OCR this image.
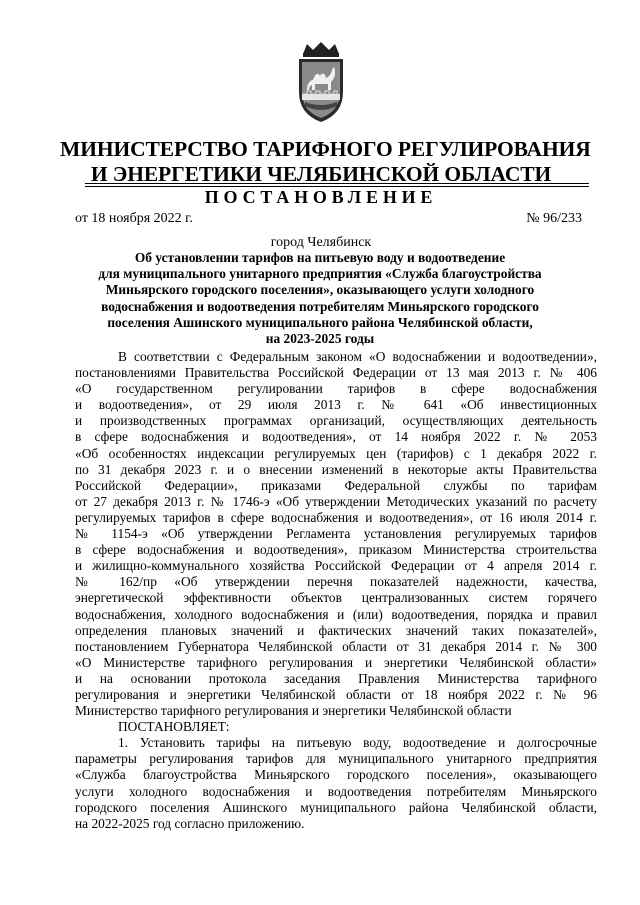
МИНИСТЕРСТВО ТАРИФНОГО РЕГУЛИРОВАНИЯ
И ЭНЕРГЕТИКИ ЧЕЛЯБИНСКОЙ ОБЛАСТИ
ПОСТАНОВЛЕНИЕ
от 18 ноября 2022 г.	№ 96/233
город Челябинск
Об установлении тарифов на питьевую воду и водоотведение
для муниципального унитарного предприятия «Служба благоустройства
Миньярского городского поселения», оказывающего услуги холодного
водоснабжения и водоотведения потребителям Миньярского городского
поселения Ашинского муниципального района Челябинской области,
на 2023-2025 годы
В соответствии с Федеральным законом «О водоснабжении и водоотведении»,
постановлениями Правительства Российской Федерации от 13 мая 2013 г. № 406
«О государственном регулировании тарифов в сфере водоснабжения
и водоотведения», от 29 июля 2013 г. № 641 «Об инвестиционных
и производственных программах организаций, осуществляющих деятельность
в сфере водоснабжения и водоотведения», от 14 ноября 2022 г. № 2053
«Об особенностях индексации регулируемых цен (тарифов) с 1 декабря 2022 г.
по 31 декабря 2023 г. и о внесении изменений в некоторые акты Правительства
Российской Федерации», приказами Федеральной службы по тарифам
от 27 декабря 2013 г. № 1746-э «Об утверждении Методических указаний по расчету
регулируемых тарифов в сфере водоснабжения и водоотведения», от 16 июля 2014 г.
№ 1154-э «Об утверждении Регламента установления регулируемых тарифов
в сфере водоснабжения и водоотведения», приказом Министерства строительства
и жилищно-коммунального хозяйства Российской Федерации от 4 апреля 2014 г.
№ 162/пр «Об утверждении перечня показателей надежности, качества,
энергетической эффективности объектов централизованных систем горячего
водоснабжения, холодного водоснабжения и (или) водоотведения, порядка и правил
определения плановых значений и фактических значений таких показателей»,
постановлением Губернатора Челябинской области от 31 декабря 2014 г. № 300
«О Министерстве тарифного регулирования и энергетики Челябинской области»
и на основании протокола заседания Правления Министерства тарифного
регулирования и энергетики Челябинской области от 18 ноября 2022 г. № 96
Министерство тарифного регулирования и энергетики Челябинской области
ПОСТАНОВЛЯЕТ:
1. Установить тарифы на питьевую воду, водоотведение и долгосрочные
параметры регулирования тарифов для муниципального унитарного предприятия
«Служба благоустройства Миньярского городского поселения», оказывающего
услуги холодного водоснабжения и водоотведения потребителям Миньярского
городского поселения Ашинского муниципального района Челябинской области,
на 2022-2025 год согласно приложению.
